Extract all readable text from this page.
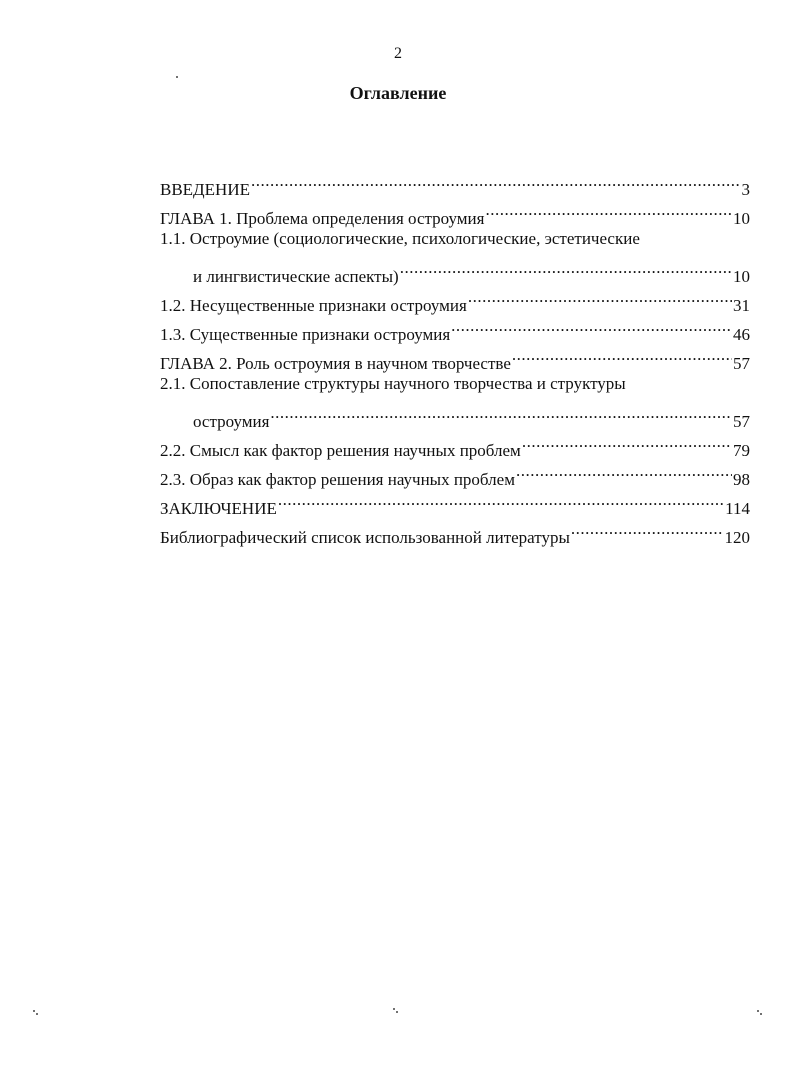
2
Оглавление
ВВЕДЕНИЕ .....	3
ГЛАВА 1. Проблема определения остроумия .....	10
1.1. Остроумие (социологические, психологические, эстетические
и лингвистические аспекты) .....	10
1.2. Несущественные признаки остроумия .....	31
1.3. Существенные признаки остроумия .....	46
ГЛАВА 2. Роль остроумия в научном творчестве .....	57
2.1. Сопоставление структуры научного творчества и структуры
остроумия .....	57
2.2. Смысл как фактор решения научных проблем .....	79
2.3. Образ как фактор решения научных проблем .....	98
ЗАКЛЮЧЕНИЕ .....	114
Библиографический список использованной литературы .....	120
